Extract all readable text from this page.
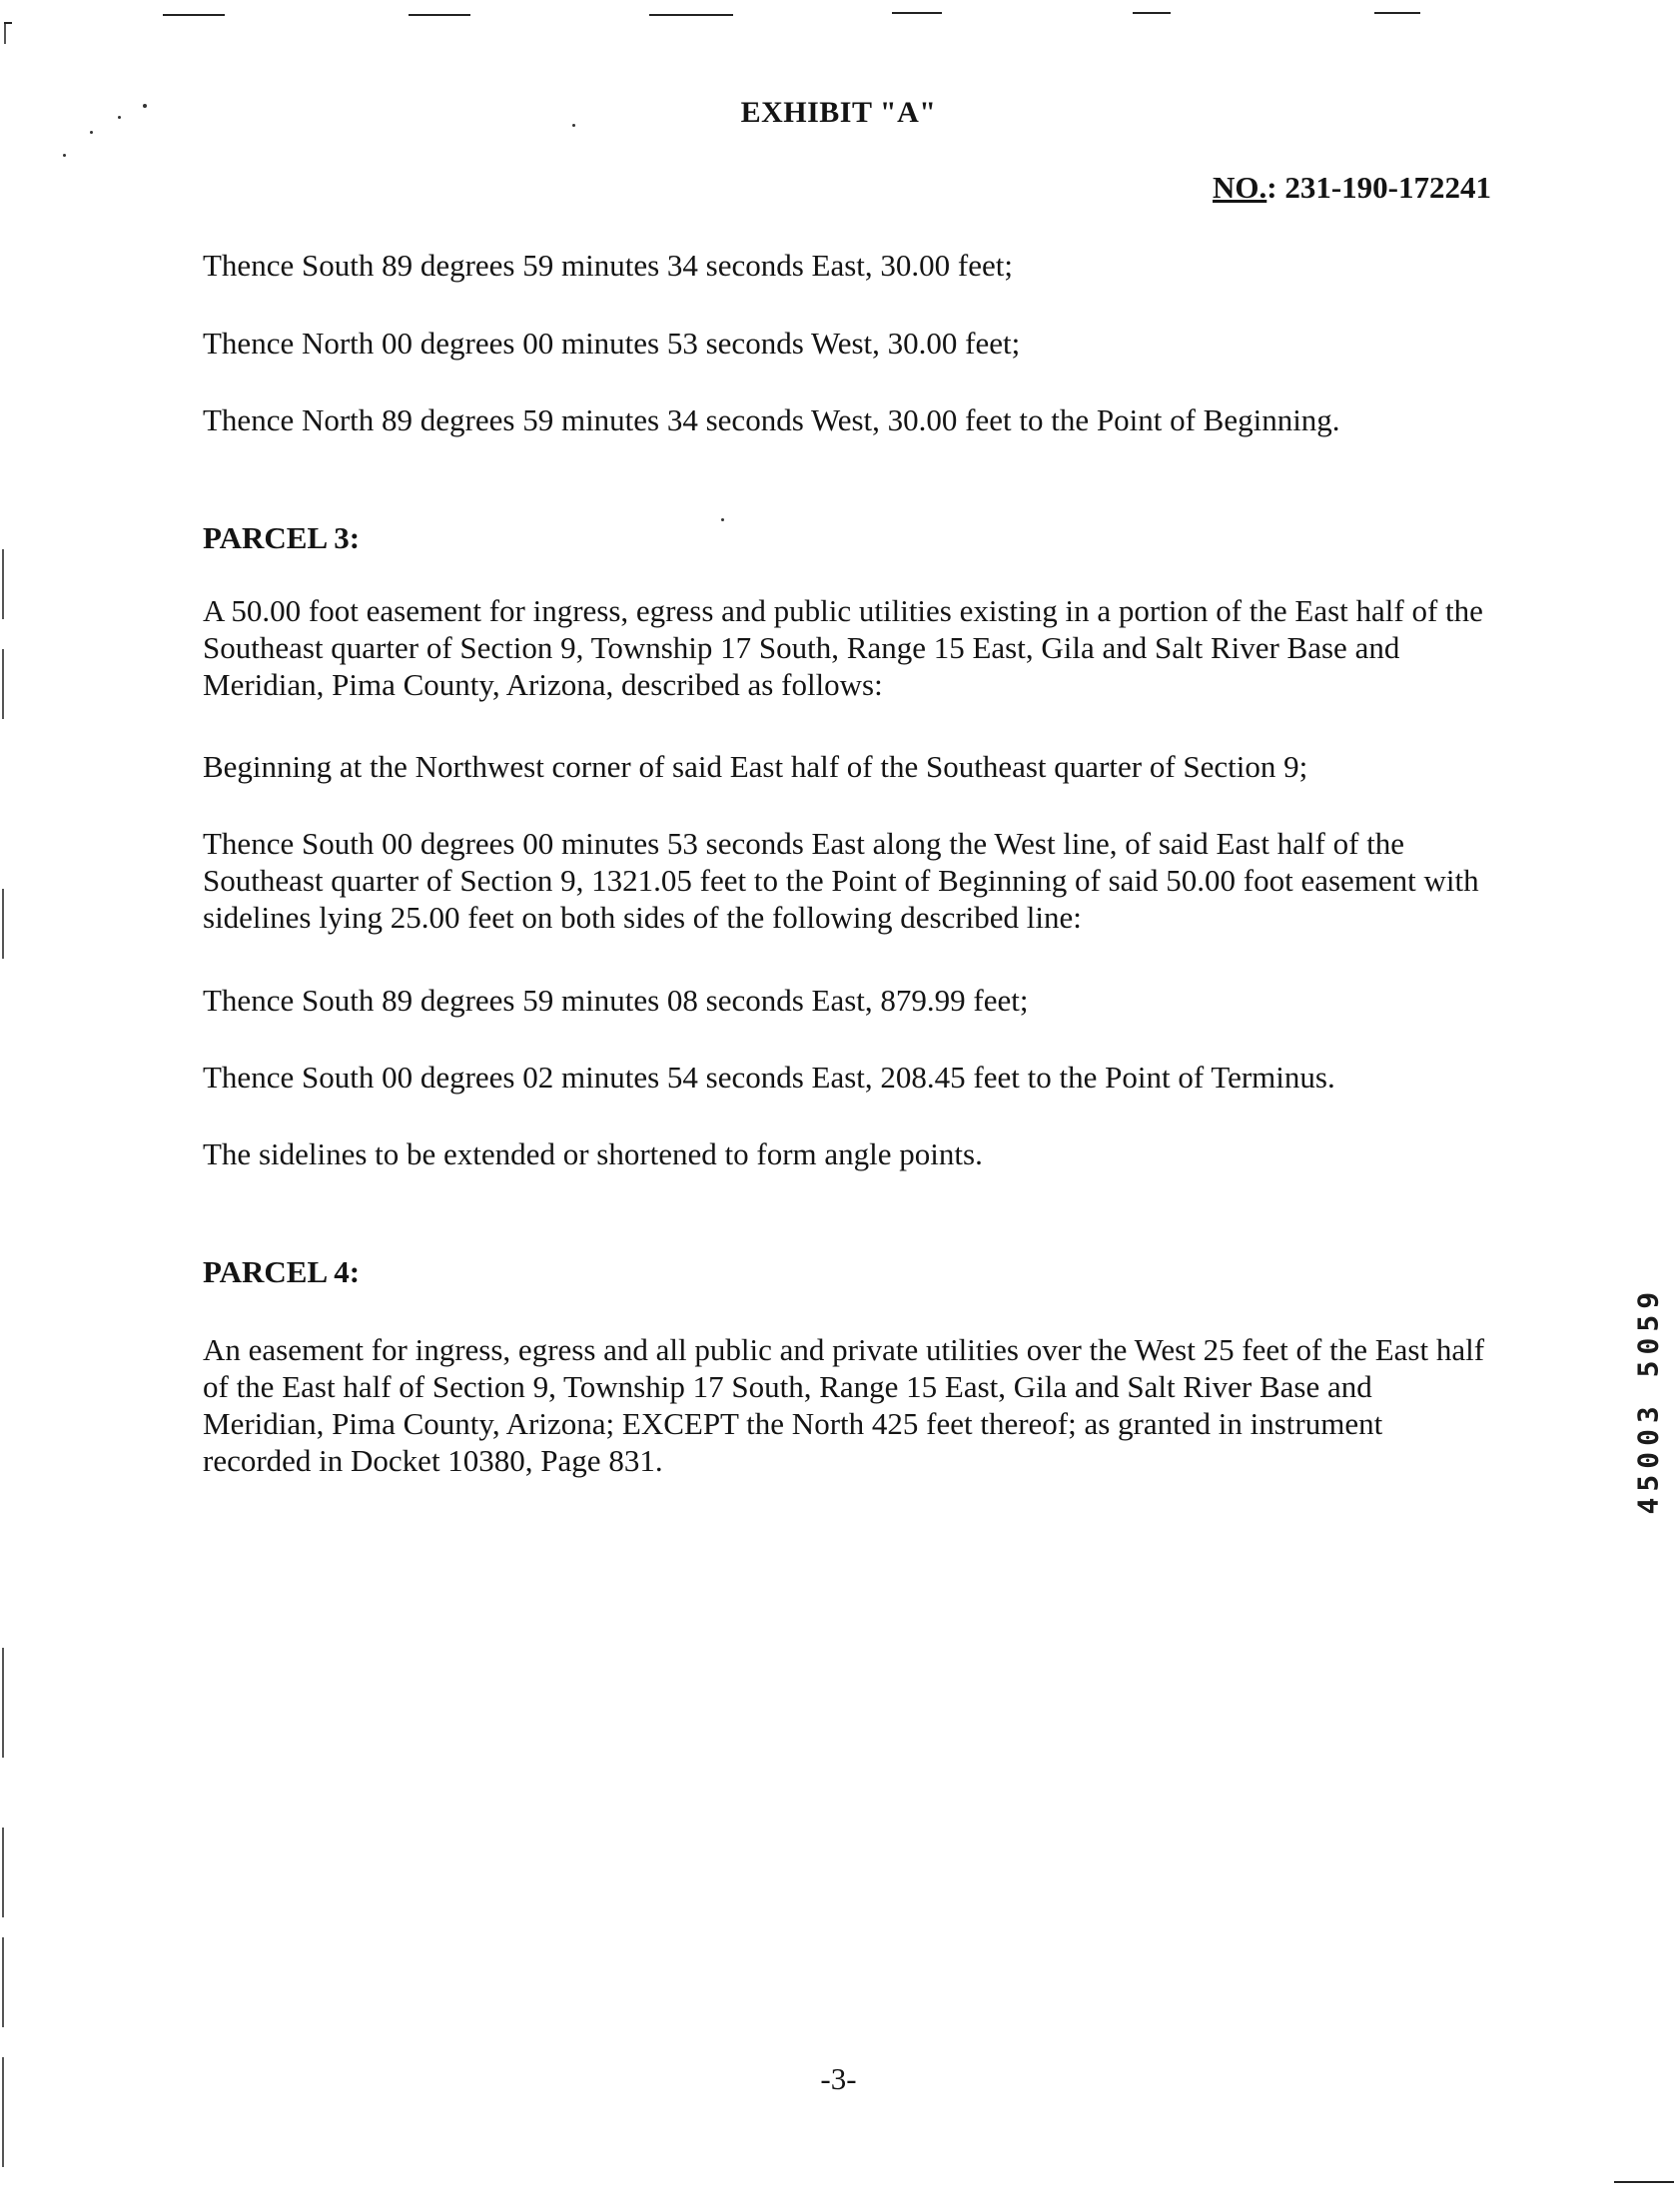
EXHIBIT "A"
NO.: 231-190-172241

Thence South 89 degrees 59 minutes 34 seconds East, 30.00 feet;

Thence North 00 degrees 00 minutes 53 seconds West, 30.00 feet;

Thence North 89 degrees 59 minutes 34 seconds West, 30.00 feet to the Point of Beginning.

PARCEL 3:

A 50.00 foot easement for ingress, egress and public utilities existing in a portion of the East half of the Southeast quarter of Section 9, Township 17 South, Range 15 East, Gila and Salt River Base and Meridian, Pima County, Arizona, described as follows:

Beginning at the Northwest corner of said East half of the Southeast quarter of Section 9;

Thence South 00 degrees 00 minutes 53 seconds East along the West line, of said East half of the Southeast quarter of Section 9, 1321.05 feet to the Point of Beginning of said 50.00 foot easement with sidelines lying 25.00 feet on both sides of the following described line:

Thence South 89 degrees 59 minutes 08 seconds East, 879.99 feet;

Thence South 00 degrees 02 minutes 54 seconds East, 208.45 feet to the Point of Terminus.

The sidelines to be extended or shortened to form angle points.

PARCEL 4:

An easement for ingress, egress and all public and private utilities over the West 25 feet of the East half of the East half of Section 9, Township 17 South, Range 15 East, Gila and Salt River Base and Meridian, Pima County, Arizona; EXCEPT the North 425 feet thereof; as granted in instrument recorded in Docket 10380, Page 831.	45003 5059
-3-
